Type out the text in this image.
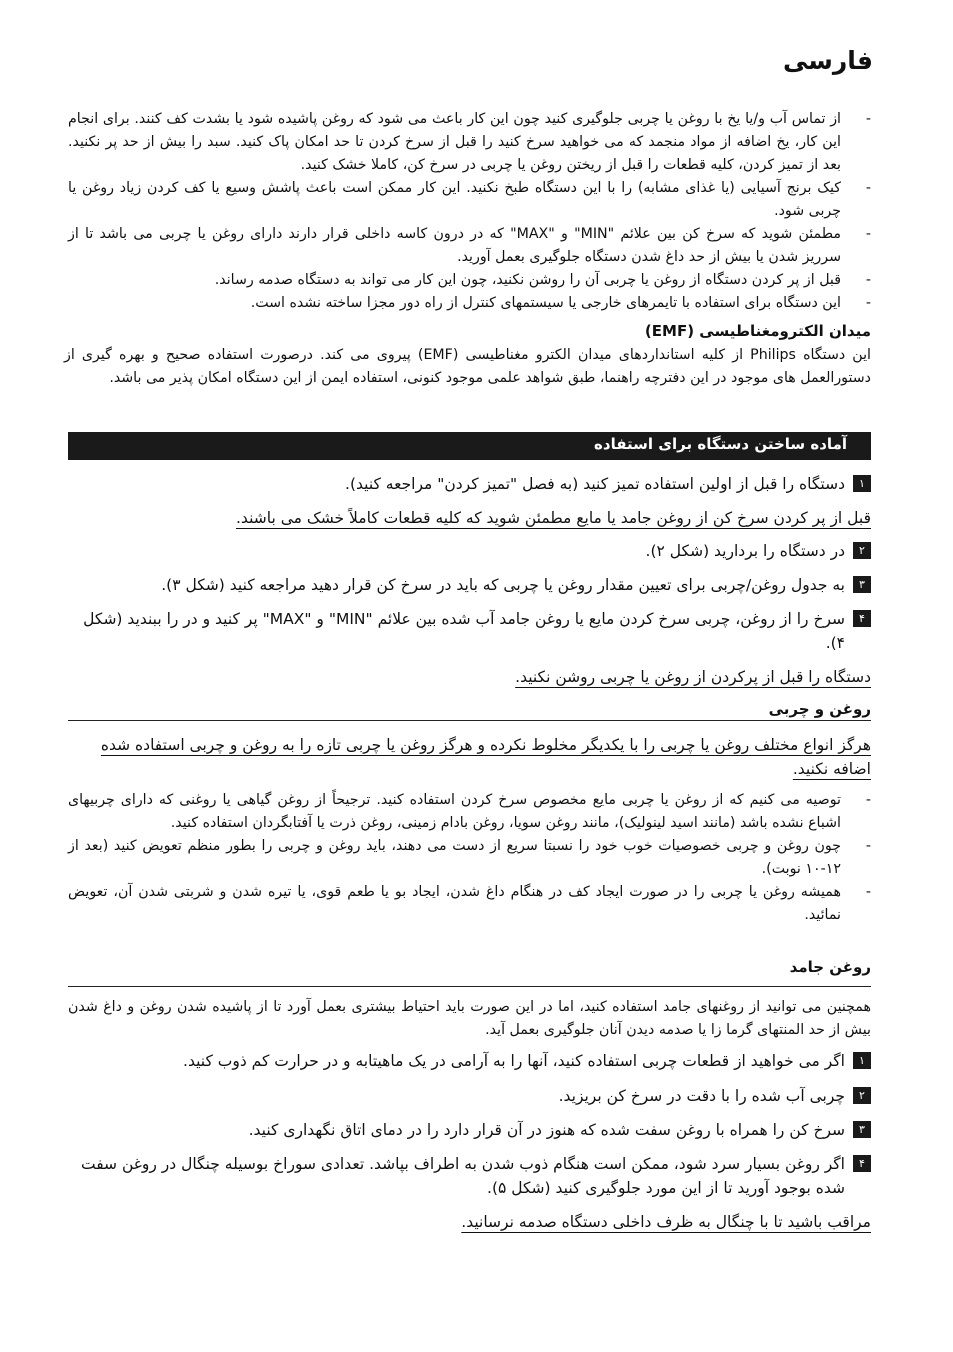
فارسی
-
از تماس آب و/یا یخ با روغن یا چربی جلوگیری کنید چون این کار باعث می شود که روغن پاشیده شود یا بشدت کف کنند. برای انجام این کار، یخ اضافه از مواد منجمد که می خواهید سرخ کنید را قبل از سرخ کردن تا حد امکان پاک کنید. سبد را بیش از حد پر نکنید. بعد از تمیز کردن، کلیه قطعات را قبل از ریختن روغن یا چربی در سرخ کن، کاملا خشک کنید.
-
کیک برنج آسیایی (یا غذای مشابه) را با این دستگاه طبخ نکنید. این کار ممکن است باعث پاشش وسیع یا کف کردن زیاد روغن یا چربی شود.
-
مطمئن شوید که سرخ کن بین علائم "MIN" و "MAX" که در درون کاسه داخلی قرار دارند دارای روغن یا چربی می باشد تا از سرریز شدن یا بیش از حد داغ شدن دستگاه جلوگیری بعمل آورید.
-
قبل از پر کردن دستگاه از روغن یا چربی آن را روشن نکنید، چون این کار می تواند به دستگاه صدمه رساند.
-
این دستگاه برای استفاده با تایمرهای خارجی یا سیستمهای کنترل از راه دور مجزا ساخته نشده است.
میدان الکترومغناطیسی (EMF)

این دستگاه Philips از کلیه استانداردهای میدان الکترو مغناطیسی (EMF) پیروی می کند. درصورت استفاده صحیح و بهره گیری از دستورالعمل های موجود در این دفترچه راهنما، طبق شواهد علمی موجود کنونی، استفاده ایمن از این دستگاه امکان پذیر می باشد.

آماده ساختن دستگاه برای استفاده
۱
دستگاه را قبل از اولین استفاده تمیز کنید (به فصل "تمیز کردن" مراجعه کنید).
قبل از پر کردن سرخ کن از روغن جامد یا مایع مطمئن شوید که کلیه قطعات کاملاً خشک می باشند.
۲
در دستگاه را بردارید (شکل ۲).
۳
به جدول روغن/چربی برای تعیین مقدار روغن یا چربی که باید در سرخ کن قرار دهید مراجعه کنید (شکل ۳).
۴
سرخ را از روغن، چربی سرخ کردن مایع یا روغن جامد آب شده بین علائم "MIN" و "MAX" پر کنید و در را ببندید (شکل ۴).
دستگاه را قبل از پرکردن از روغن یا چربی روشن نکنید.
روغن و چربی
هرگز انواع مختلف روغن یا چربی را با یکدیگر مخلوط نکرده و هرگز روغن یا چربی تازه را به روغن و چربی استفاده شده اضافه نکنید.
-
توصیه می کنیم که از روغن یا چربی مایع مخصوص سرخ کردن استفاده کنید. ترجیحاً از روغن گیاهی یا روغنی که دارای چربیهای اشباع نشده باشد (مانند اسید لینولیک)، مانند روغن سویا، روغن بادام زمینی، روغن ذرت یا آفتابگردان استفاده کنید.
-
چون روغن و چربی خصوصیات خوب خود را نسبتا سریع از دست می دهند، باید روغن و چربی را بطور منظم تعویض کنید (بعد از ۱۲-۱۰ نوبت).
-
همیشه روغن یا چربی را در صورت ایجاد کف در هنگام داغ شدن، ایجاد بو یا طعم قوی، یا تیره شدن و شربتی شدن آن، تعویض نمائید.
روغن جامد

همچنین می توانید از روغنهای جامد استفاده کنید، اما در این صورت باید احتیاط بیشتری بعمل آورد تا از پاشیده شدن روغن و داغ شدن بیش از حد المنتهای گرما زا یا صدمه دیدن آنان جلوگیری بعمل آید.

۱
اگر می خواهید از قطعات چربی استفاده کنید، آنها را به آرامی در یک ماهیتابه و در حرارت کم ذوب کنید.
۲
چربی آب شده را با دقت در سرخ کن بریزید.
۳
سرخ کن را همراه با روغن سفت شده که هنوز در آن قرار دارد را در دمای اتاق نگهداری کنید.
۴
اگر روغن بسیار سرد شود، ممکن است هنگام ذوب شدن به اطراف بپاشد. تعدادی سوراخ بوسیله چنگال در روغن سفت شده بوجود آورید تا از این مورد جلوگیری کنید (شکل ۵).
مراقب باشید تا با چنگال به ظرف داخلی دستگاه صدمه نرسانید.
